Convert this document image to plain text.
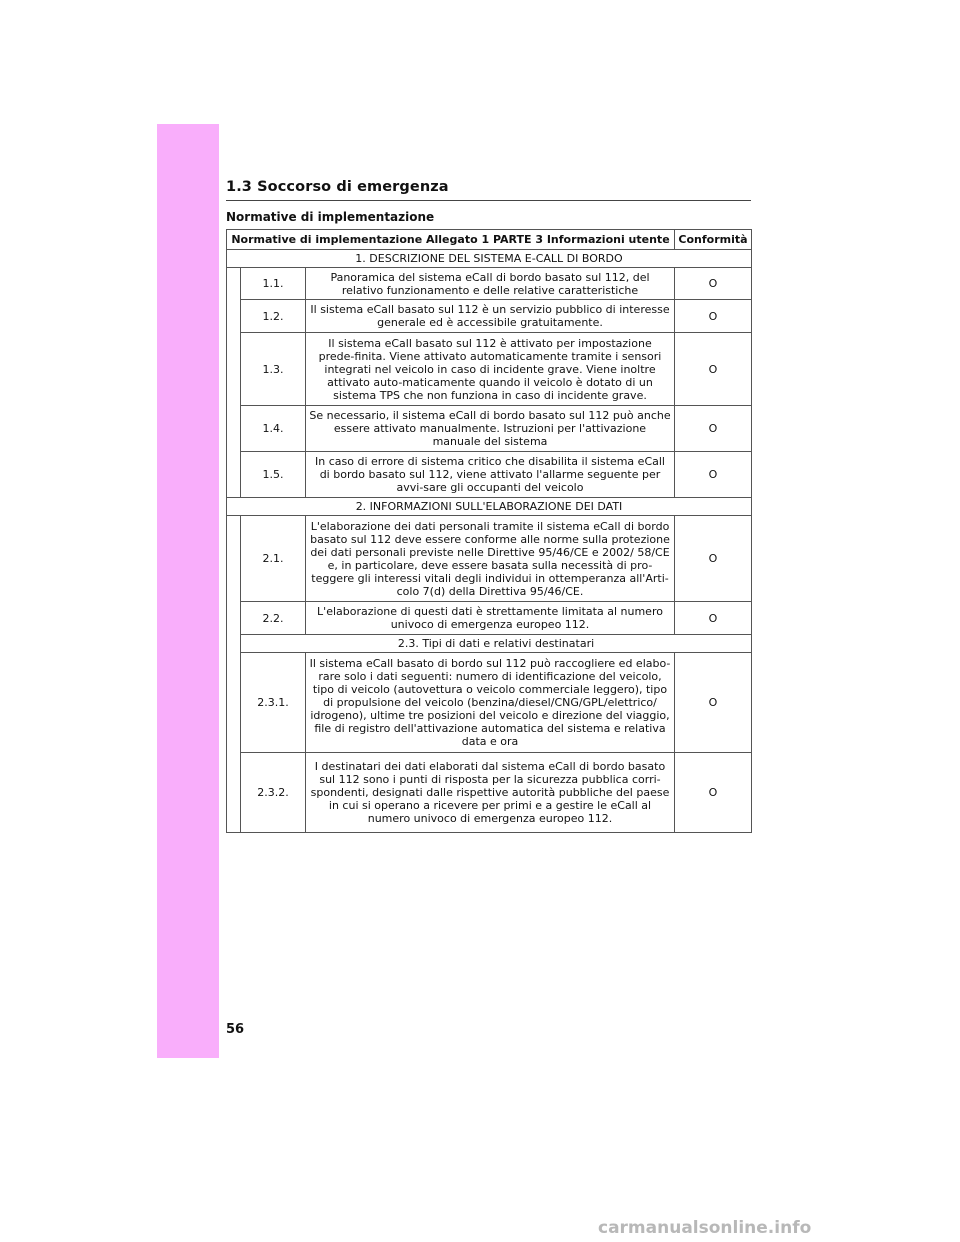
1.3 Soccorso di emergenza
Normative di implementazione
Normative di implementazione Allegato 1 PARTE 3 Informazioni utente			Conformità
1. DESCRIZIONE DEL SISTEMA E-CALL DI BORDO			
	1.1.	Panoramica del sistema eCall di bordo basato sul 112, del relativo funzionamento e delle relative caratteristiche	O
	1.2.	Il sistema eCall basato sul 112 è un servizio pubblico di interesse generale ed è accessibile gratuitamente.	O
	1.3.	Il sistema eCall basato sul 112 è attivato per impostazione prede-finita. Viene attivato automaticamente tramite i sensori integrati nel veicolo in caso di incidente grave. Viene inoltre attivato auto-maticamente quando il veicolo è dotato di un sistema TPS che non funziona in caso di incidente grave.	O
	1.4.	Se necessario, il sistema eCall di bordo basato sul 112 può anche essere attivato manualmente. Istruzioni per l'attivazione manuale del sistema	O
	1.5.	In caso di errore di sistema critico che disabilita il sistema eCall di bordo basato sul 112, viene attivato l'allarme seguente per avvi-sare gli occupanti del veicolo	O
2. INFORMAZIONI SULL'ELABORAZIONE DEI DATI			
	2.1.	L'elaborazione dei dati personali tramite il sistema eCall di bordo basato sul 112 deve essere conforme alle norme sulla protezione dei dati personali previste nelle Direttive 95/46/CE e 2002/ 58/CE e, in particolare, deve essere basata sulla necessità di pro-teggere gli interessi vitali degli individui in ottemperanza all'Arti-colo 7(d) della Direttiva 95/46/CE.	O
	2.2.	L'elaborazione di questi dati è strettamente limitata al numero univoco di emergenza europeo 112.	O
	2.3. Tipi di dati e relativi destinatari		
	2.3.1.	Il sistema eCall basato di bordo sul 112 può raccogliere ed elabo-rare solo i dati seguenti: numero di identificazione del veicolo, tipo di veicolo (autovettura o veicolo commerciale leggero), tipo di propulsione del veicolo (benzina/diesel/CNG/GPL/elettrico/ idrogeno), ultime tre posizioni del veicolo e direzione del viaggio, file di registro dell'attivazione automatica del sistema e relativa data e ora	O
	2.3.2.	I destinatari dei dati elaborati dal sistema eCall di bordo basato sul 112 sono i punti di risposta per la sicurezza pubblica corri-spondenti, designati dalle rispettive autorità pubbliche del paese in cui si operano a ricevere per primi e a gestire le eCall al numero univoco di emergenza europeo 112.	O

56

carmanualsonline.info
